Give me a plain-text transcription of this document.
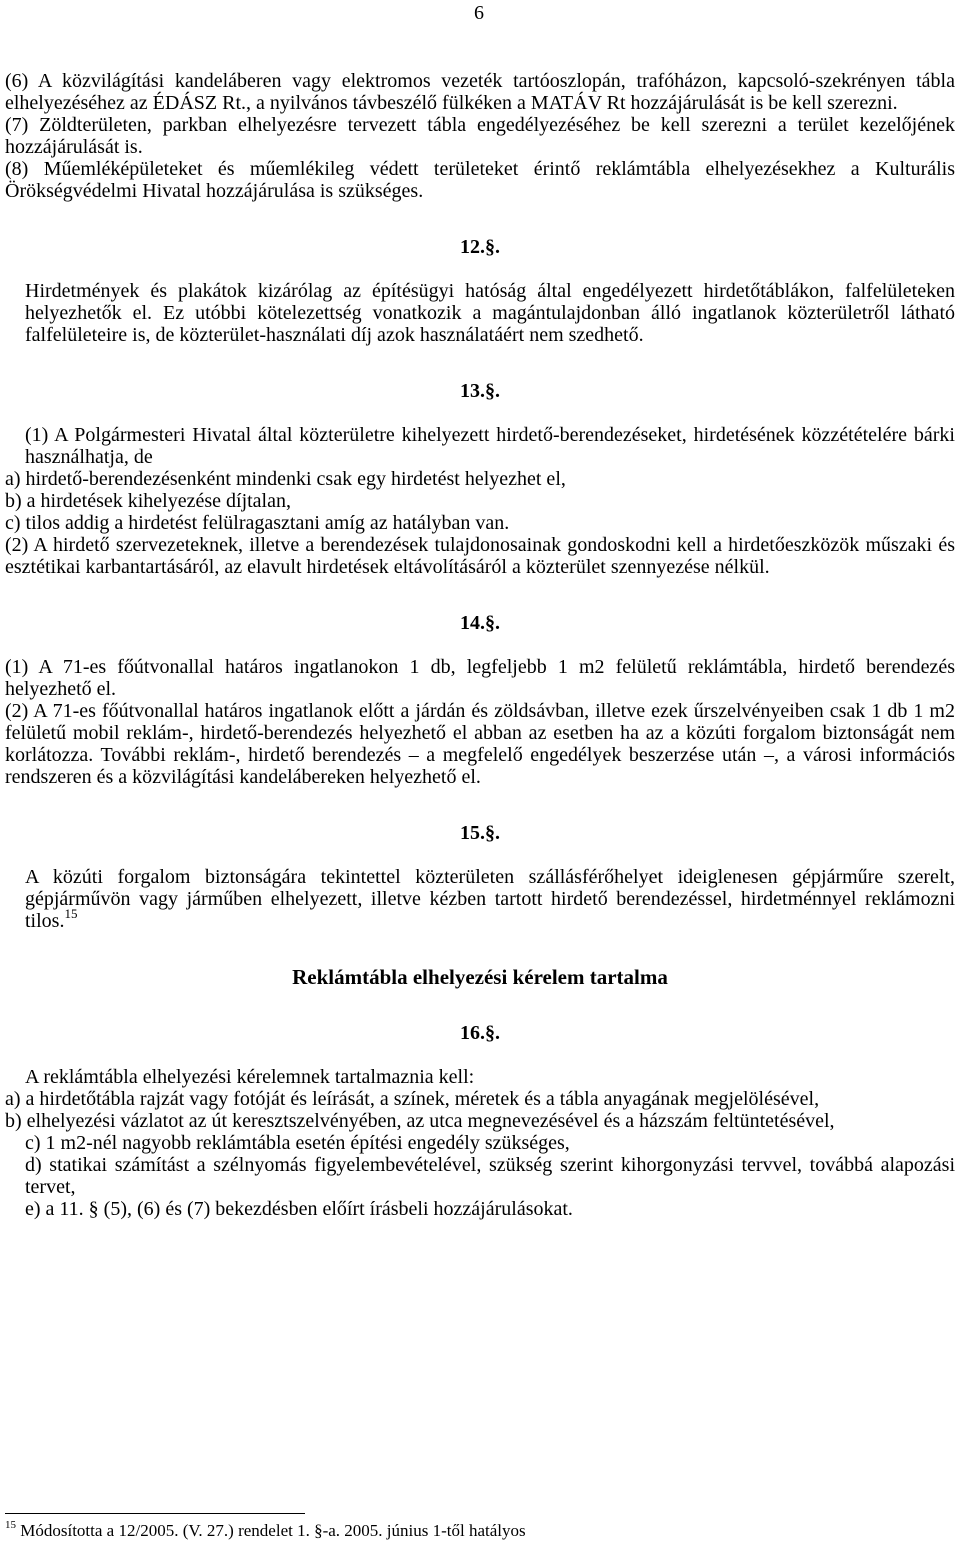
6

(6) A közvilágítási kandeláberen vagy elektromos vezeték tartóoszlopán, trafóházon, kapcsoló-szekrényen tábla elhelyezéséhez az ÉDÁSZ Rt., a nyilvános távbeszélő fülkéken a MATÁV Rt hozzájárulását is be kell szerezni.

(7) Zöldterületen, parkban elhelyezésre tervezett tábla engedélyezéséhez be kell szerezni a terület kezelőjének hozzájárulását is.

(8) Műemléképületeket és műemlékileg védett területeket érintő reklámtábla elhelyezésekhez a Kulturális Örökségvédelmi Hivatal hozzájárulása is szükséges.

12.§.

Hirdetmények és plakátok kizárólag az építésügyi hatóság által engedélyezett hirdetőtáblákon, falfelületeken helyezhetők el. Ez utóbbi kötelezettség vonatkozik a magántulajdonban álló ingatlanok közterületről látható falfelületeire is, de közterület-használati díj azok használatáért nem szedhető.

13.§.

(1) A Polgármesteri Hivatal által közterületre kihelyezett hirdető-berendezéseket, hirdetésének közzétételére bárki használhatja, de

a) hirdető-berendezésenként mindenki csak egy hirdetést helyezhet el,

b) a hirdetések kihelyezése díjtalan,

c) tilos addig a hirdetést felülragasztani amíg az hatályban van.

(2) A hirdető szervezeteknek, illetve a berendezések tulajdonosainak gondoskodni kell a hirdetőeszközök műszaki és esztétikai karbantartásáról, az elavult hirdetések eltávolításáról a közterület szennyezése nélkül.

14.§.

(1) A 71-es főútvonallal határos ingatlanokon 1 db, legfeljebb 1 m2 felületű reklámtábla, hirdető berendezés helyezhető el.

(2) A 71-es főútvonallal határos ingatlanok előtt a járdán és zöldsávban, illetve ezek űrszelvényeiben csak 1 db 1 m2 felületű mobil reklám-, hirdető-berendezés helyezhető el abban az esetben ha az a közúti forgalom biztonságát nem korlátozza. További reklám-, hirdető berendezés – a megfelelő engedélyek beszerzése után –, a városi információs rendszeren és a közvilágítási kandelábereken helyezhető el.

15.§.

A közúti forgalom biztonságára tekintettel közterületen szállásférőhelyet ideiglenesen gépjárműre szerelt, gépjárművön vagy járműben elhelyezett, illetve kézben tartott hirdető berendezéssel, hirdetménnyel reklámozni tilos.$^{15}$

Reklámtábla elhelyezési kérelem tartalma
16.§.

A reklámtábla elhelyezési kérelemnek tartalmaznia kell:

a) a hirdetőtábla rajzát vagy fotóját és leírását, a színek, méretek és a tábla anyagának megjelölésével,

b) elhelyezési vázlatot az út keresztszelvényében, az utca megnevezésével és a házszám feltüntetésével,

c) 1 m2-nél nagyobb reklámtábla esetén építési engedély szükséges,

d) statikai számítást a szélnyomás figyelembevételével, szükség szerint kihorgonyzási tervvel, továbbá alapozási tervet,

e) a 11. § (5), (6) és (7) bekezdésben előírt írásbeli hozzájárulásokat.

$^{15}$ Módosította a 12/2005. (V. 27.) rendelet 1. §-a. 2005. június 1-től hatályos
